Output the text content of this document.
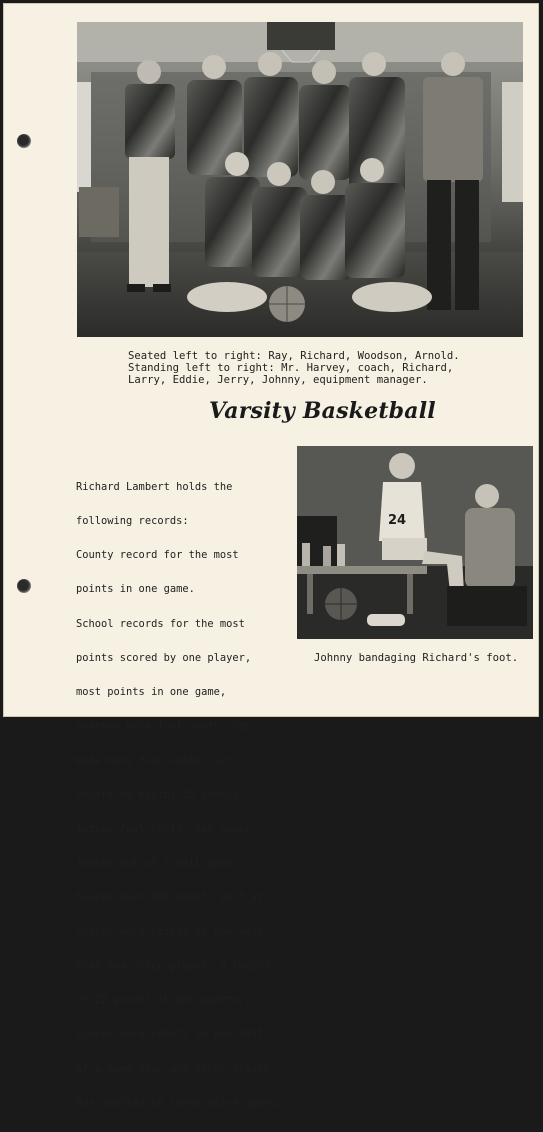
Seated left to right: Ray, Richard, Woodson, Arnold.
Standing left to right: Mr. Harvey, coach, Richard,
Larry, Eddie, Jerry, Johnny, equipment manager.
Varsity Basketball

Richard Lambert holds the

following records:

County record for the most

points in one game.

School records for the most

points scored by one player,

most points in one game,

awarded more foul shots, has

made more foul shots, set

record by making 22 consec-

tutive foul shots, has never

fouled out of a ball game.

Scored over 900 points in 3 yrs.,

scored more points in one year

than any other player, a record

of 22 points in one quarter,

scored more points in one-half

of a game than any other player.

Has started 60 consecutive games.

24
Johnny bandaging Richard's foot.
